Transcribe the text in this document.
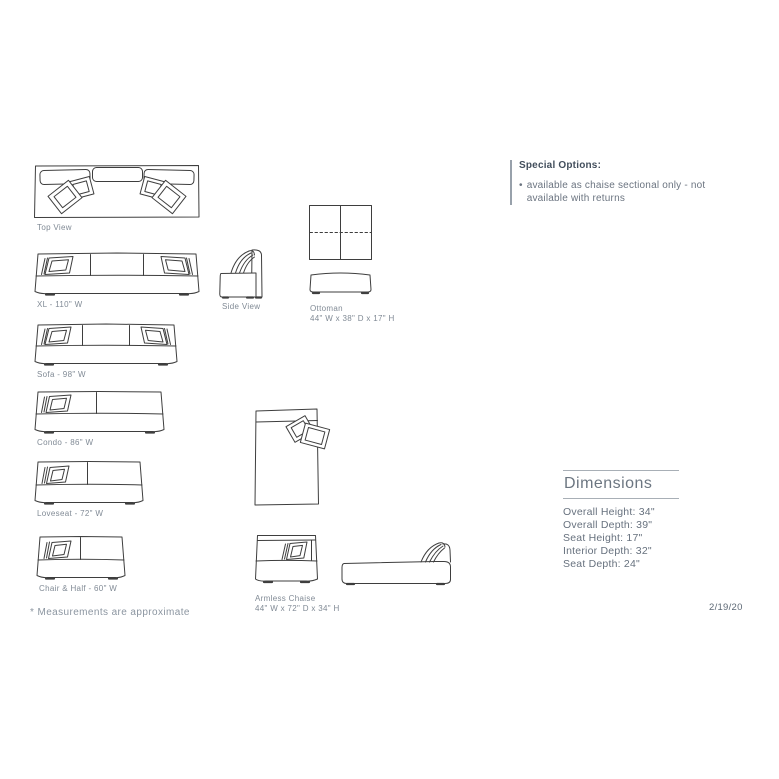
Top View
XL - 110" W	Side View	Ottoman
44" W x 38" D x 17" H
Sofa - 98" W
Condo - 86" W
Loveseat - 72" W
Chair & Half - 60" W
Armless Chaise
44" W x 72" D x 34" H
Special Options:
• available as chaise sectional only - not available with returns
Dimensions
Overall Height: 34"
Overall Depth: 39"
Seat Height: 17"
Interior Depth: 32"
Seat Depth: 24"
* Measurements are approximate	2/19/20
